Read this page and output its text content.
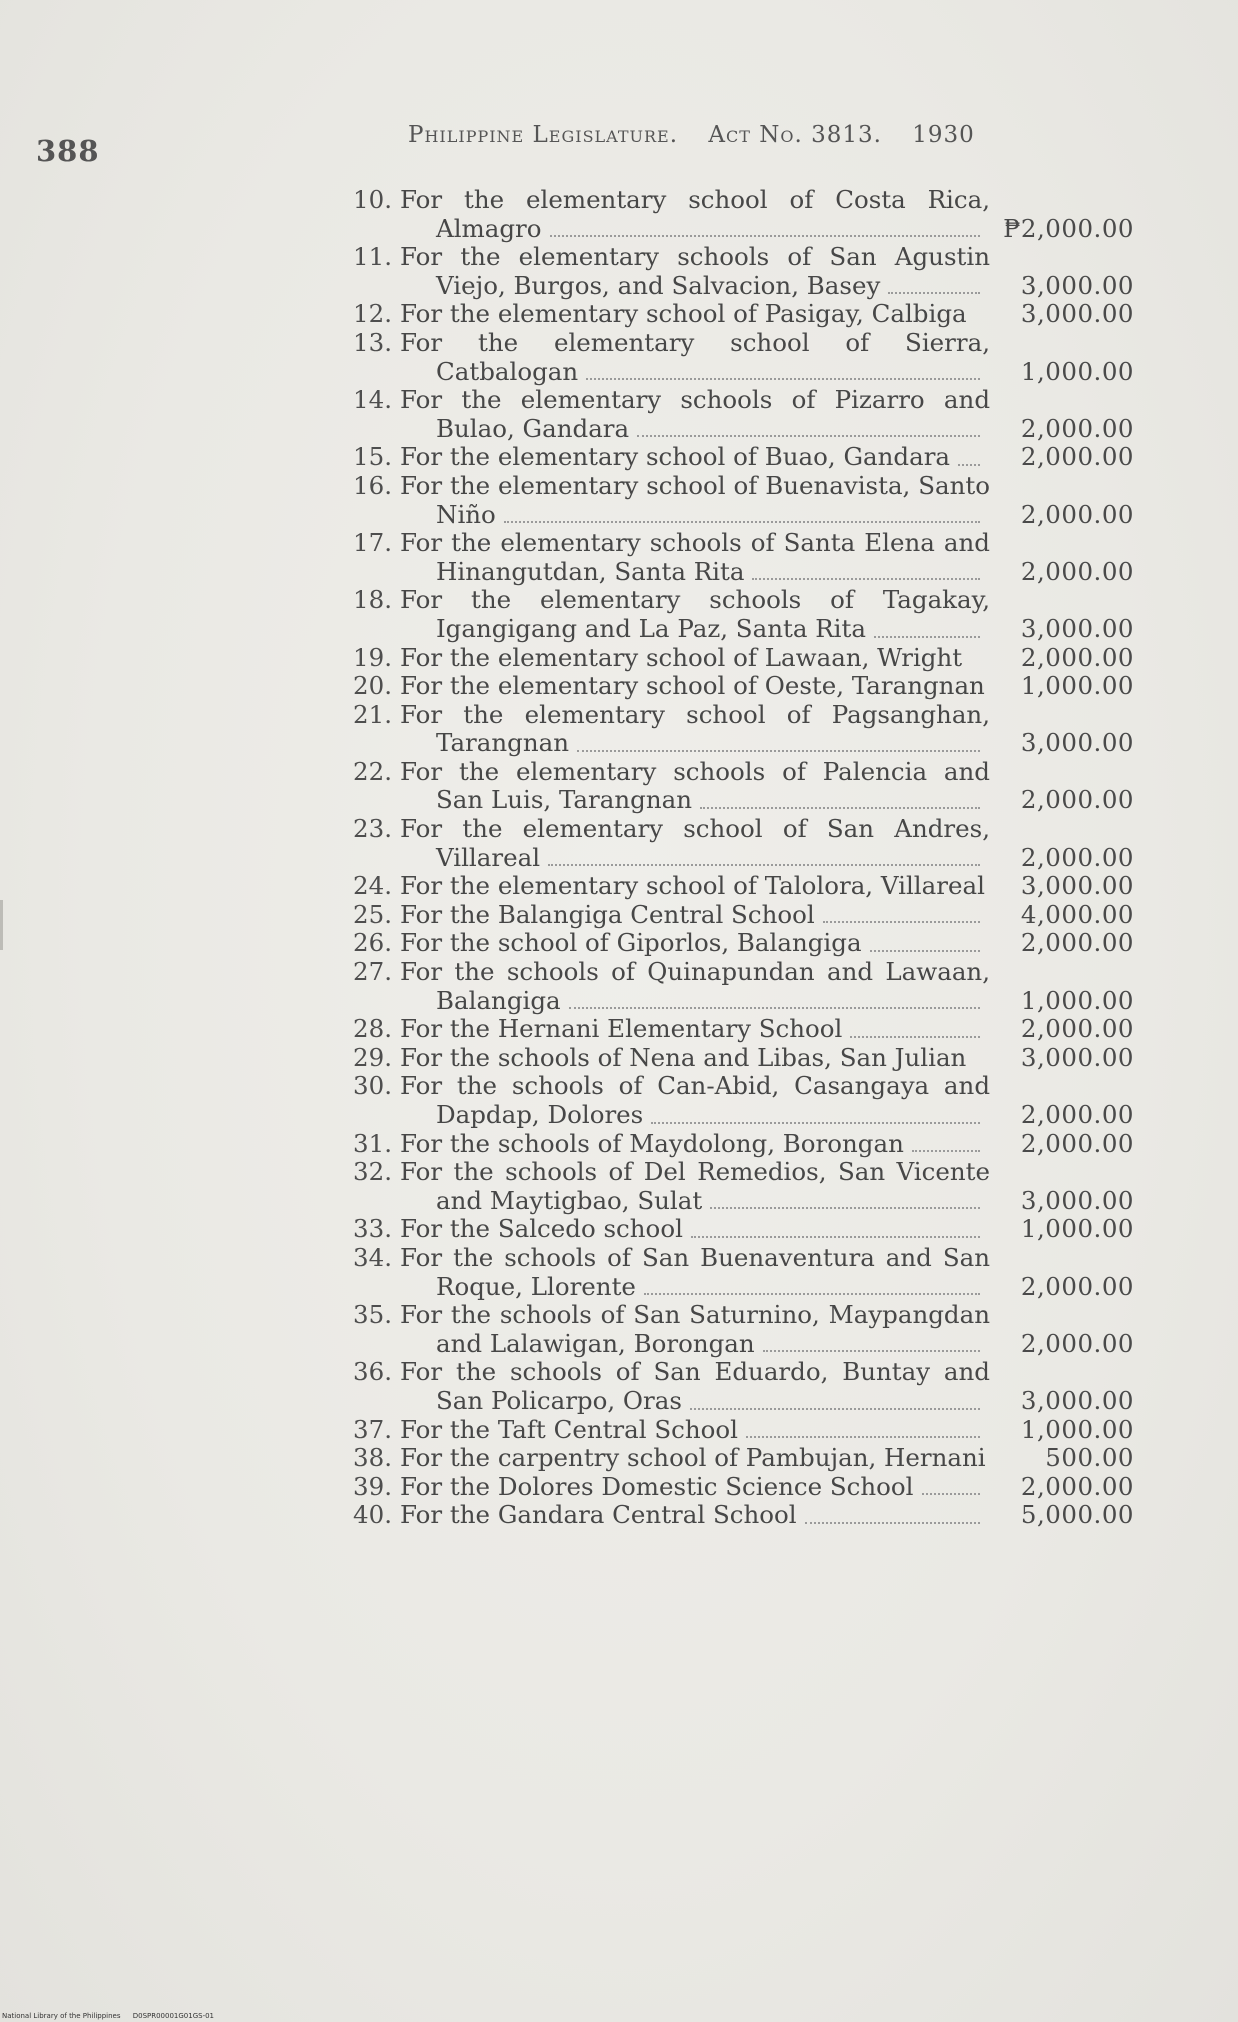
388	Philippine Legislature. Act No. 3813. 1930
10. For the elementary school of Costa Rica, Almagro	₱2,000.00
11. For the elementary schools of San Agustin Viejo, Burgos, and Salvacion, Basey	3,000.00
12. For the elementary school of Pasigay, Calbiga	3,000.00
13. For the elementary school of Sierra, Catbalogan	1,000.00
14. For the elementary schools of Pizarro and Bulao, Gandara	2,000.00
15. For the elementary school of Buao, Gandara	2,000.00
16. For the elementary school of Buenavista, Santo Niño	2,000.00
17. For the elementary schools of Santa Elena and Hinangutdan, Santa Rita	2,000.00
18. For the elementary schools of Tagakay, Igangigang and La Paz, Santa Rita	3,000.00
19. For the elementary school of Lawaan, Wright	2,000.00
20. For the elementary school of Oeste, Tarangnan	1,000.00
21. For the elementary school of Pagsanghan, Tarangnan	3,000.00
22. For the elementary schools of Palencia and San Luis, Tarangnan	2,000.00
23. For the elementary school of San Andres, Villareal	2,000.00
24. For the elementary school of Talolora, Villareal	3,000.00
25. For the Balangiga Central School	4,000.00
26. For the school of Giporlos, Balangiga	2,000.00
27. For the schools of Quinapundan and Lawaan, Balangiga	1,000.00
28. For the Hernani Elementary School	2,000.00
29. For the schools of Nena and Libas, San Julian	3,000.00
30. For the schools of Can-Abid, Casangaya and Dapdap, Dolores	2,000.00
31. For the schools of Maydolong, Borongan	2,000.00
32. For the schools of Del Remedios, San Vicente and Maytigbao, Sulat	3,000.00
33. For the Salcedo school	1,000.00
34. For the schools of San Buenaventura and San Roque, Llorente	2,000.00
35. For the schools of San Saturnino, Maypangdan and Lalawigan, Borongan	2,000.00
36. For the schools of San Eduardo, Buntay and San Policarpo, Oras	3,000.00
37. For the Taft Central School	1,000.00
38. For the carpentry school of Pambujan, Hernani	500.00
39. For the Dolores Domestic Science School	2,000.00
40. For the Gandara Central School	5,000.00
National Library of the Philippines D0SPR00001G01GS-01
